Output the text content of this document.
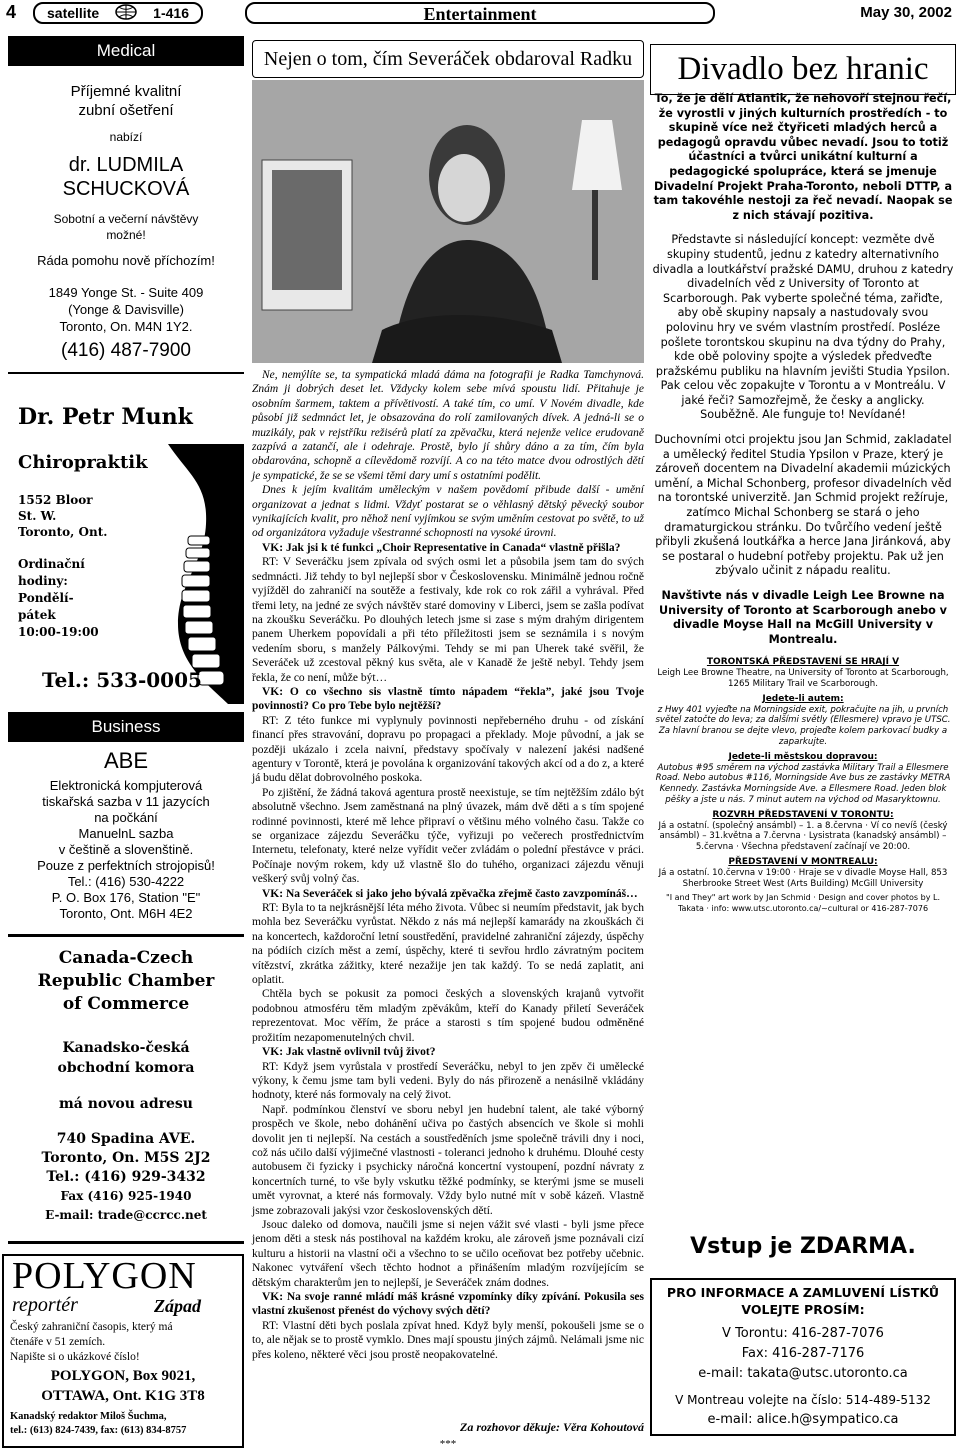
4 satellite	1-416	Entertainment	May 30, 2002
Medical
Příjemné kvalitní
zubní ošetření
nabízí
dr. LUDMILA
SCHUCKOVÁ
Sobotní a večerní návštěvy
možné!
Ráda pomohu nově příchozím!
1849 Yonge St. - Suite 409
(Yonge & Davisville)
Toronto, On. M4N 1Y2.
(416) 487-7900
Dr. Petr Munk
Chiropraktik
1552 Bloor
St. W.
Toronto, Ont.
Ordinační
hodiny:
Pondělí-
pátek
10:00-19:00
Tel.: 533-0005
Business
ABE
Elektronická kompjuterová
tiskařská sazba v 11 jazycích
na počkání
ManuelnL sazba
v češtině a slovenštině.
Pouze z perfektních strojopisů!
Tel.: (416) 530-4222
P. O. Box 176, Station "E"
Toronto, Ont. M6H 4E2
Canada-Czech
Republic Chamber
of Commerce
Kanadsko-česká
obchodní komora
má novou adresu
740 Spadina AVE.
Toronto, On. M5S 2J2
Tel.: (416) 929-3432
Fax (416) 925-1940
E-mail: trade@ccrcc.net
POLYGON
reportér	Západ
Český zahraniční časopis, který má
čtenáře v 51 zemích.
Napište si o ukázkové číslo!
POLYGON, Box 9021,
OTTAWA, Ont. K1G 3T8
Kanadský redaktor Miloš Šuchma,
tel.: (613) 824-7439, fax: (613) 834-8757
Nejen o tom, čím Severáček obdaroval Radku

Ne, nemýlíte se, ta sympatická mladá dáma na fotografii je Radka Tamchynová. Znám ji dobrých deset let. Vždycky kolem sebe mívá spoustu lidí. Přitahuje je osobním šarmem, taktem a přívětivostí. A také tím, co umí. V Novém divadle, kde působí již sedmnáct let, je obsazována do rolí zamilovaných dívek. A jedná-li se o muzikály, pak v rejstříku režisérů platí za zpěvačku, která nejenže velice erudovaně zazpívá a zatančí, ale i odehraje. Prostě, bylo jí shůry dáno a za tím, čím byla obdarována, schopně a cílevědomě rozvíjí. A co na této matce dvou odrostlých dětí je sympatické, že se se všemi těmi dary umí s ostatními podělit.

Dnes k jejím kvalitám uměleckým v našem povědomí přibude další - umění organizovat a jednat s lidmi. Vždyť postarat se o věhlasný dětský pěvecký soubor vynikajících kvalit, pro něhož není vyjímkou se svým uměním cestovat po světě, to už od organizátora vyžaduje všestranné schopnosti na vysoké úrovni.

VK: Jak jsi k té funkci „Choir Representative in Canada“ vlastně přišla?

RT: V Severáčku jsem zpívala od svých osmi let a působila jsem tam do svých sedmnácti. Již tehdy to byl nejlepší sbor v Československu. Minimálně jednou ročně vyjížděl do zahraničí na soutěže a festivaly, kde rok co rok zářil a vyhrával. Před třemi lety, na jedné ze svých návštěv staré domoviny v Liberci, jsem se zašla podívat na zkoušku Severáčku. Po dlouhých letech jsme si zase s mým drahým dirigentem panem Uherkem popovídali a při této příležitosti jsem se seznámila i s novým vedením sboru, s manžely Pálkovými. Tehdy se mi pan Uherek také svěřil, že Severáček už zcestoval pěkný kus světa, ale v Kanadě že ještě nebyl. Tehdy jsem řekla, že co není, může být…

VK: O co všechno sis vlastně tímto nápadem “řekla”, jaké jsou Tvoje povinnosti? Co pro Tebe bylo nejtěžší?

RT: Z této funkce mi vyplynuly povinnosti nepřeberného druhu - od získání financí přes stravování, dopravu po propagaci a překlady. Moje původní, a jak se později ukázalo i zcela naivní, představy spočívaly v nalezení jakési nadšené agentury v Torontě, která je povolána k organizování takových akcí od a do z, a které já budu dělat dobrovolného poskoka.

Po zjištění, že žádná taková agentura prostě neexistuje, se tím nejtěžším zdálo být absolutně všechno. Jsem zaměstnaná na plný úvazek, mám dvě děti a s tím spojené rodinné povinnosti, které mě lehce připraví o většinu mého volného času. Takže co se organizace zájezdu Severáčku týče, vyřizuji po večerech prostřednictvím Internetu, telefonaty, které nelze vyřídit večer zvládám o polední přestávce v práci. Počínaje novým rokem, kdy už vlastně šlo do tuhého, organizaci zájezdu věnuji veškerý svůj volný čas.

VK: Na Severáček si jako jeho bývalá zpěvačka zřejmě často zavzpomínáš…

RT: Byla to ta nejkrásnější léta mého života. Vůbec si neumím představit, jak bych mohla bez Severáčku vyrůstat. Někdo z nás má nejlepší kamarády na zkouškách či na koncertech, každoroční letní soustředění, pravidelné zahraniční zájezdy, úspěchy na pódiích cizích měst a zemí, úspěchy, které ti sevřou hrdlo závratným pocitem vítězství, zkrátka zážitky, které nezažije jen tak každý. To se nedá zaplatit, ani oplatit.

Chtěla bych se pokusit za pomoci českých a slovenských krajanů vytvořit podobnou atmosféru těm mladým zpěvákům, kteří do Kanady přiletí Severáček reprezentovat. Moc věřím, že práce a starosti s tím spojené budou odměněné prožitím nezapomenutelných chvil.

VK: Jak vlastně ovlivnil tvůj život?

RT: Když jsem vyrůstala v prostředí Severáčku, nebyl to jen zpěv či umělecké výkony, k čemu jsme tam byli vedeni. Byly do nás přirozeně a nenásilně vkládány hodnoty, které nás formovaly na celý život.

Např. podmínkou členství ve sboru nebyl jen hudební talent, ale také výborný prospěch ve škole, nebo dohánění učiva po častých absencích ve škole si mohli dovolit jen ti nejlepší. Na cestách a soustředěních jsme společně trávili dny i noci, což nás učilo další výjimečné vlastnosti - toleranci jednoho k druhému. Dlouhé cesty autobusem či fyzicky i psychicky náročná koncertní vystoupení, pozdní návraty z koncertních turné, to vše byly vskutku těžké podmínky, se kterými jsme se museli umět vyrovnat, a které nás formovaly. Vždy bylo nutné mít v sobě kázeň. Vlastně jsme zobrazovali jakýsi vzor československých dětí.

Jsouc daleko od domova, naučili jsme si nejen vážit své vlasti - byli jsme přece jenom děti a stesk nás postihoval na každém kroku, ale zároveň jsme poznávali cizí kulturu a historii na vlastní oči a všechno to se učilo oceňovat bez potřeby učebnic. Nakonec vytváření všech těchto hodnot a přinášením mladým rozvíjejícím se dětským charakterům jen to nejlepší, je Severáček znám dodnes.

VK: Na svoje ranné mládí máš krásné vzpomínky díky zpívání. Pokusila ses vlastní zkušenost přenést do výchovy svých dětí?

RT: Vlastní děti bych poslala zpívat hned. Když byly menší, pokoušeli jsme se o to, ale nějak se to prostě vymklo. Dnes mají spoustu jiných zájmů. Nelámali jsme nic přes koleno, některé věci jsou prostě neopakovatelné.

Za rozhovor děkuje: Věra Kohoutová
***
Divadlo bez hranic

To, že je dělí Atlantik, že nehovoří stejnou řečí, že vyrostli v jiných kulturních prostředích - to skupině více než čtyřiceti mladých herců a pedagogů opravdu vůbec nevadí. Jsou to totiž účastníci a tvůrci unikátní kulturní a pedagogické spolupráce, která se jmenuje Divadelní Projekt Praha-Toronto, neboli DTTP, a tam takovéhle nestoji za řeč nevadí. Naopak se z nich stávají pozitiva.

Představte si následující koncept: vezměte dvě skupiny studentů, jednu z katedry alternativního divadla a loutkářství pražské DAMU, druhou z katedry divadelních věd z University of Toronto at Scarborough. Pak vyberte společné téma, zařiďte, aby obě skupiny napsaly a nastudovaly svou polovinu hry ve svém vlastním prostředí. Posléze pošlete torontskou skupinu na dva týdny do Prahy, kde obě poloviny spojte a výsledek předveďte pražskému publiku na hlavním jevišti Studia Ypsilon. Pak celou věc zopakujte v Torontu a v Montreálu. V jaké řeči? Samozřejmě, že česky a anglicky. Souběžně. Ale funguje to! Nevídané!

Duchovními otci projektu jsou Jan Schmid, zakladatel a umělecký ředitel Studia Ypsilon v Praze, který je zároveň docentem na Divadelní akademii múzických umění, a Michal Schonberg, profesor divadelních věd na torontské univerzitě. Jan Schmid projekt režíruje, zatímco Michal Schonberg se stará o jeho dramaturgickou stránku. Do tvůrčího vedení ještě přibyli zkušená loutkářka a herce Jana Jiránková, aby se postaral o hudební potřeby projektu. Pak už jen zbývalo učinit z nápadu realitu.

Navštivte nás v divadle Leigh Lee Browne na University of Toronto at Scarborough anebo v divadle Moyse Hall na McGill University v Montrealu.

TORONTSKÁ PŘEDSTAVENÍ SE HRAJÍ V
Leigh Lee Browne Theatre, na University of Toronto at Scarborough, 1265 Military Trail ve Scarborough.
Jedete-li autem:
z Hwy 401 vyjeďte na Morningside exit, pokračujte na jih, u prvních světel zatočte do leva; za dalšími světly (Ellesmere) vpravo je UTSC. Za hlavní branou se dejte vlevo, projeďte kolem parkovací budky a zaparkujte.
Jedete-li městskou dopravou:
Autobus #95 směrem na východ zastávka Military Trail a Ellesmere Road. Nebo autobus #116, Morningside Ave bus ze zastávky METRA Kennedy. Zastávka Morningside Ave. a Ellesmere Road. Jeden blok pěšky a jste u nás. 7 minut autem na východ od Masaryktownu.
ROZVRH PŘEDSTAVENÍ V TORONTU:
Já a ostatní. (společný ansámbl) – 1. a 8.června · Ví co nevíš (český ansámbl) – 31.května a 7.června · Lysistrata (kanadský ansámbl) – 5.června · Všechna představení začínají ve 20:00.
PŘEDSTAVENÍ V MONTREALU:
Já a ostatní. 10.června v 19:00 · Hraje se v divadle Moyse Hall, 853 Sherbrooke Street West (Arts Building) McGill University
"I and They" art work by Jan Schmid · Design and cover photos by L. Takata · info: www.utsc.utoronto.ca/~cultural or 416-287-7076
Vstup je ZDARMA.
PRO INFORMACE A ZAMLUVENÍ LÍSTKŮ
VOLEJTE PROSÍM:
V Torontu: 416-287-7076
Fax: 416-287-7176
e-mail: takata@utsc.utoronto.ca
V Montreau volejte na číslo: 514-489-5132
e-mail: alice.h@sympatico.ca
